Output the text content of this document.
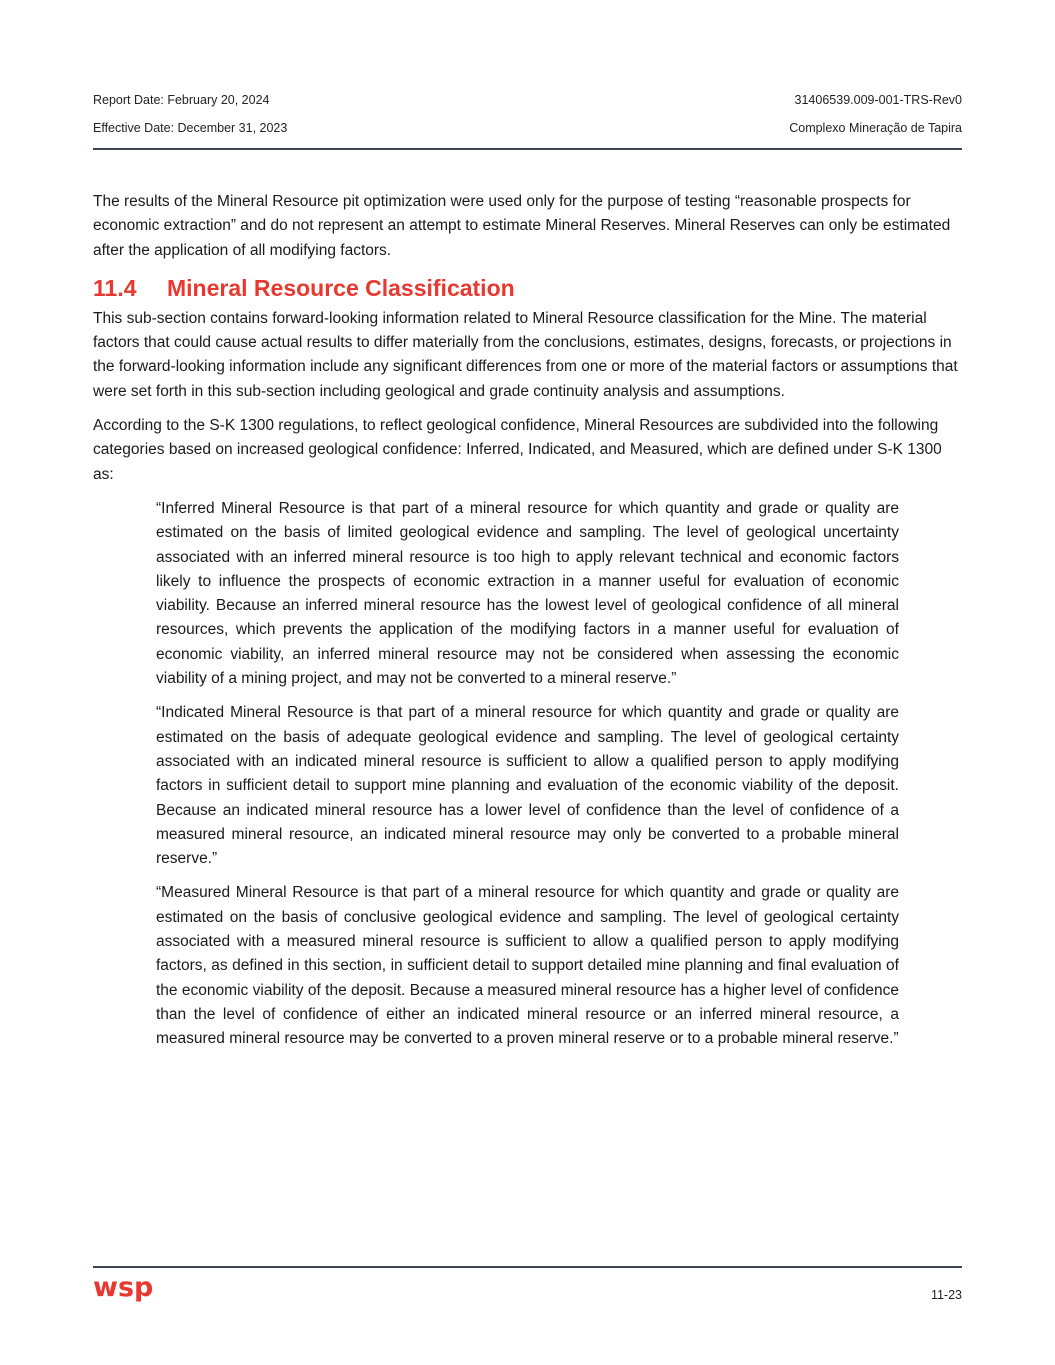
Report Date: February 20, 2024	31406539.009-001-TRS-Rev0
Effective Date: December 31, 2023	Complexo Mineração de Tapira

The results of the Mineral Resource pit optimization were used only for the purpose of testing “reasonable prospects for economic extraction” and do not represent an attempt to estimate Mineral Reserves. Mineral Reserves can only be estimated after the application of all modifying factors.

11.4	Mineral Resource Classification

This sub-section contains forward-looking information related to Mineral Resource classification for the Mine. The material factors that could cause actual results to differ materially from the conclusions, estimates, designs, forecasts, or projections in the forward-looking information include any significant differences from one or more of the material factors or assumptions that were set forth in this sub-section including geological and grade continuity analysis and assumptions.

According to the S-K 1300 regulations, to reflect geological confidence, Mineral Resources are subdivided into the following categories based on increased geological confidence: Inferred, Indicated, and Measured, which are defined under S-K 1300 as:

“Inferred Mineral Resource is that part of a mineral resource for which quantity and grade or quality are estimated on the basis of limited geological evidence and sampling. The level of geological uncertainty associated with an inferred mineral resource is too high to apply relevant technical and economic factors likely to influence the prospects of economic extraction in a manner useful for evaluation of economic viability. Because an inferred mineral resource has the lowest level of geological confidence of all mineral resources, which prevents the application of the modifying factors in a manner useful for evaluation of economic viability, an inferred mineral resource may not be considered when assessing the economic viability of a mining project, and may not be converted to a mineral reserve.”

“Indicated Mineral Resource is that part of a mineral resource for which quantity and grade or quality are estimated on the basis of adequate geological evidence and sampling. The level of geological certainty associated with an indicated mineral resource is sufficient to allow a qualified person to apply modifying factors in sufficient detail to support mine planning and evaluation of the economic viability of the deposit. Because an indicated mineral resource has a lower level of confidence than the level of confidence of a measured mineral resource, an indicated mineral resource may only be converted to a probable mineral reserve.”

“Measured Mineral Resource is that part of a mineral resource for which quantity and grade or quality are estimated on the basis of conclusive geological evidence and sampling. The level of geological certainty associated with a measured mineral resource is sufficient to allow a qualified person to apply modifying factors, as defined in this section, in sufficient detail to support detailed mine planning and final evaluation of the economic viability of the deposit. Because a measured mineral resource has a higher level of confidence than the level of confidence of either an indicated mineral resource or an inferred mineral resource, a measured mineral resource may be converted to a proven mineral reserve or to a probable mineral reserve.”

wsp	11-23
